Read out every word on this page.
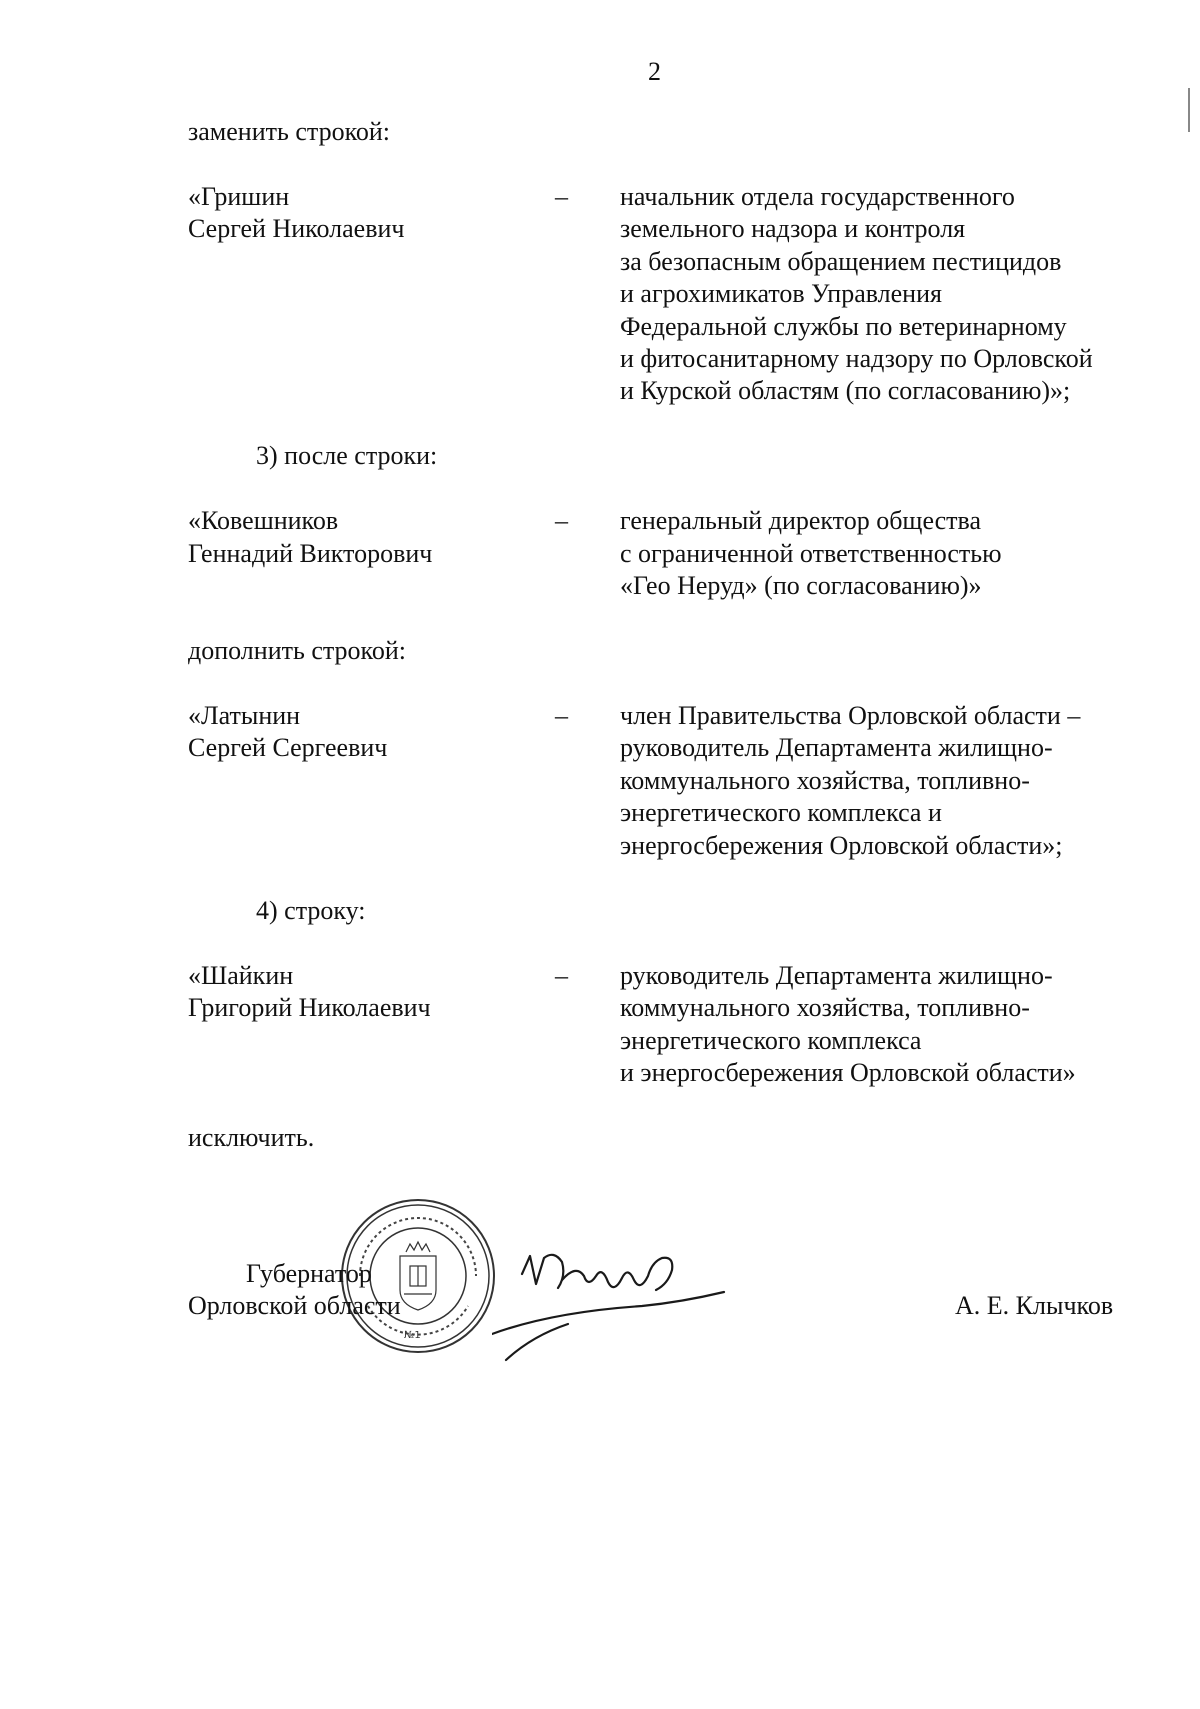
2
заменить строкой:
«Гришин
Сергей Николаевич
– начальник отдела государственного
земельного надзора и контроля
за безопасным обращением пестицидов
и агрохимикатов Управления
Федеральной службы по ветеринарному
и фитосанитарному надзору по Орловской
и Курской областям (по согласованию)»;
3) после строки:
«Ковешников
Геннадий Викторович
– генеральный директор общества
с ограниченной ответственностью
«Гео Неруд» (по согласованию)»
дополнить строкой:
«Латынин
Сергей Сергеевич
– член Правительства Орловской области –
руководитель Департамента жилищно-
коммунального хозяйства, топливно-
энергетического комплекса и
энергосбережения Орловской области»;
4) строку:
«Шайкин
Григорий Николаевич
– руководитель Департамента жилищно-
коммунального хозяйства, топливно-
энергетического комплекса
и энергосбережения Орловской области»
исключить.
№1
Губернатор
Орловской области	А. Е. Клычков
